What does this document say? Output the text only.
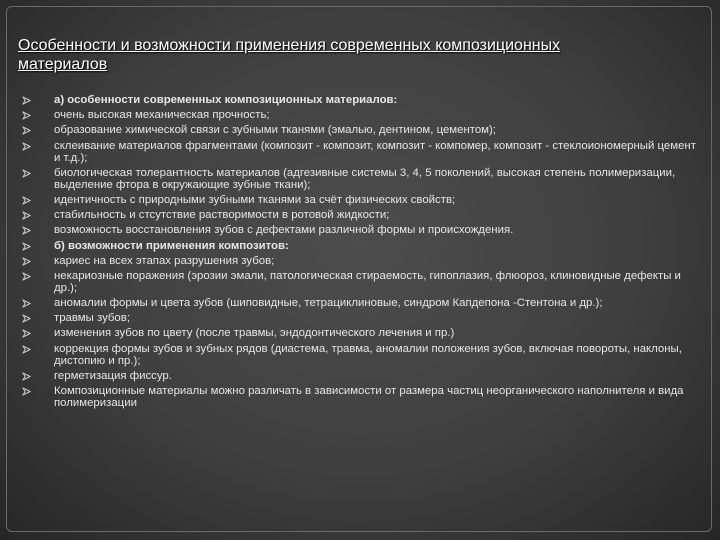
Особенности и возможности применения современных композиционных материалов
а) особенности современных композиционных материалов:
очень высокая механическая прочность;
образование химической связи с зубными тканями (эмалью, дентином, цементом);
склеивание материалов фрагментами (композит - композит, композит - компомер, композит - стеклоиономерный цемент и т.д.);
биологическая толерантность материалов (адгезивные системы 3, 4, 5 поколений, высокая степень полимеризации, выделение фтора в окружающие зубные ткани);
идентичность с природными зубными тканями за счёт физических свойств;
стабильность и стсутствие растворимости в ротовой жидкости;
возможность восстановления зубов с дефектами различной формы и происхождения.
б) возможности применения композитов:
кариес на всех этапах разрушения зубов;
некариозные поражения (эрозии эмали, патологическая стираемость, гипоплазия, флюороз, клиновидные дефекты и др.);
аномалии формы и цвета зубов (шиповидные, тетрациклиновые, синдром Капдепона -Стентона и др.);
травмы зубов;
изменения зубов по цвету (после травмы, эндодонтического лечения и пр.)
коррекция формы зубов и зубных рядов (диастема, травма, аномалии положения зубов, включая повороты, наклоны, дистопию и пр.);
герметизация фиссур.
Композиционные материалы можно различать в зависимости от размера частиц неорганического наполнителя и вида полимеризации
